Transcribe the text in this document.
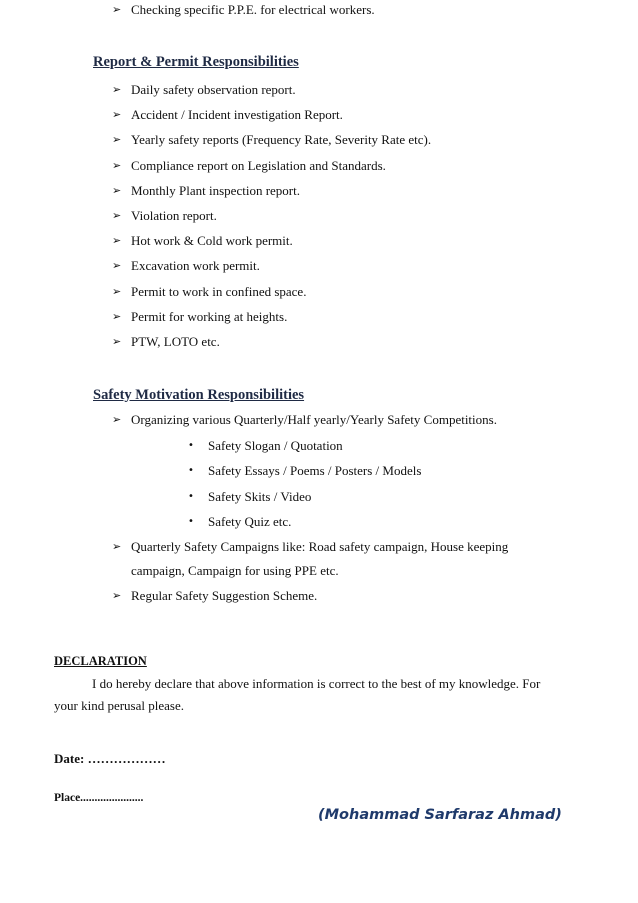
➢ Checking specific P.P.E. for electrical workers.
Report & Permit Responsibilities
➢ Daily safety observation report.
➢ Accident / Incident investigation Report.
➢ Yearly safety reports (Frequency Rate, Severity Rate etc).
➢ Compliance report on Legislation and Standards.
➢ Monthly Plant inspection report.
➢ Violation report.
➢ Hot work & Cold work permit.
➢ Excavation work permit.
➢ Permit to work in confined space.
➢ Permit for working at heights.
➢ PTW, LOTO etc.
Safety Motivation Responsibilities
➢ Organizing various Quarterly/Half yearly/Yearly Safety Competitions.
• Safety Slogan / Quotation
• Safety Essays / Poems / Posters / Models
• Safety Skits / Video
• Safety Quiz etc.
➢ Quarterly Safety Campaigns like: Road safety campaign, House keeping
campaign, Campaign for using PPE etc.
➢ Regular Safety Suggestion Scheme.
DECLARATION
I do hereby declare that above information is correct to the best of my knowledge. For
your kind perusal please.
Date: ………………
Place......................
(Mohammad Sarfaraz Ahmad)
